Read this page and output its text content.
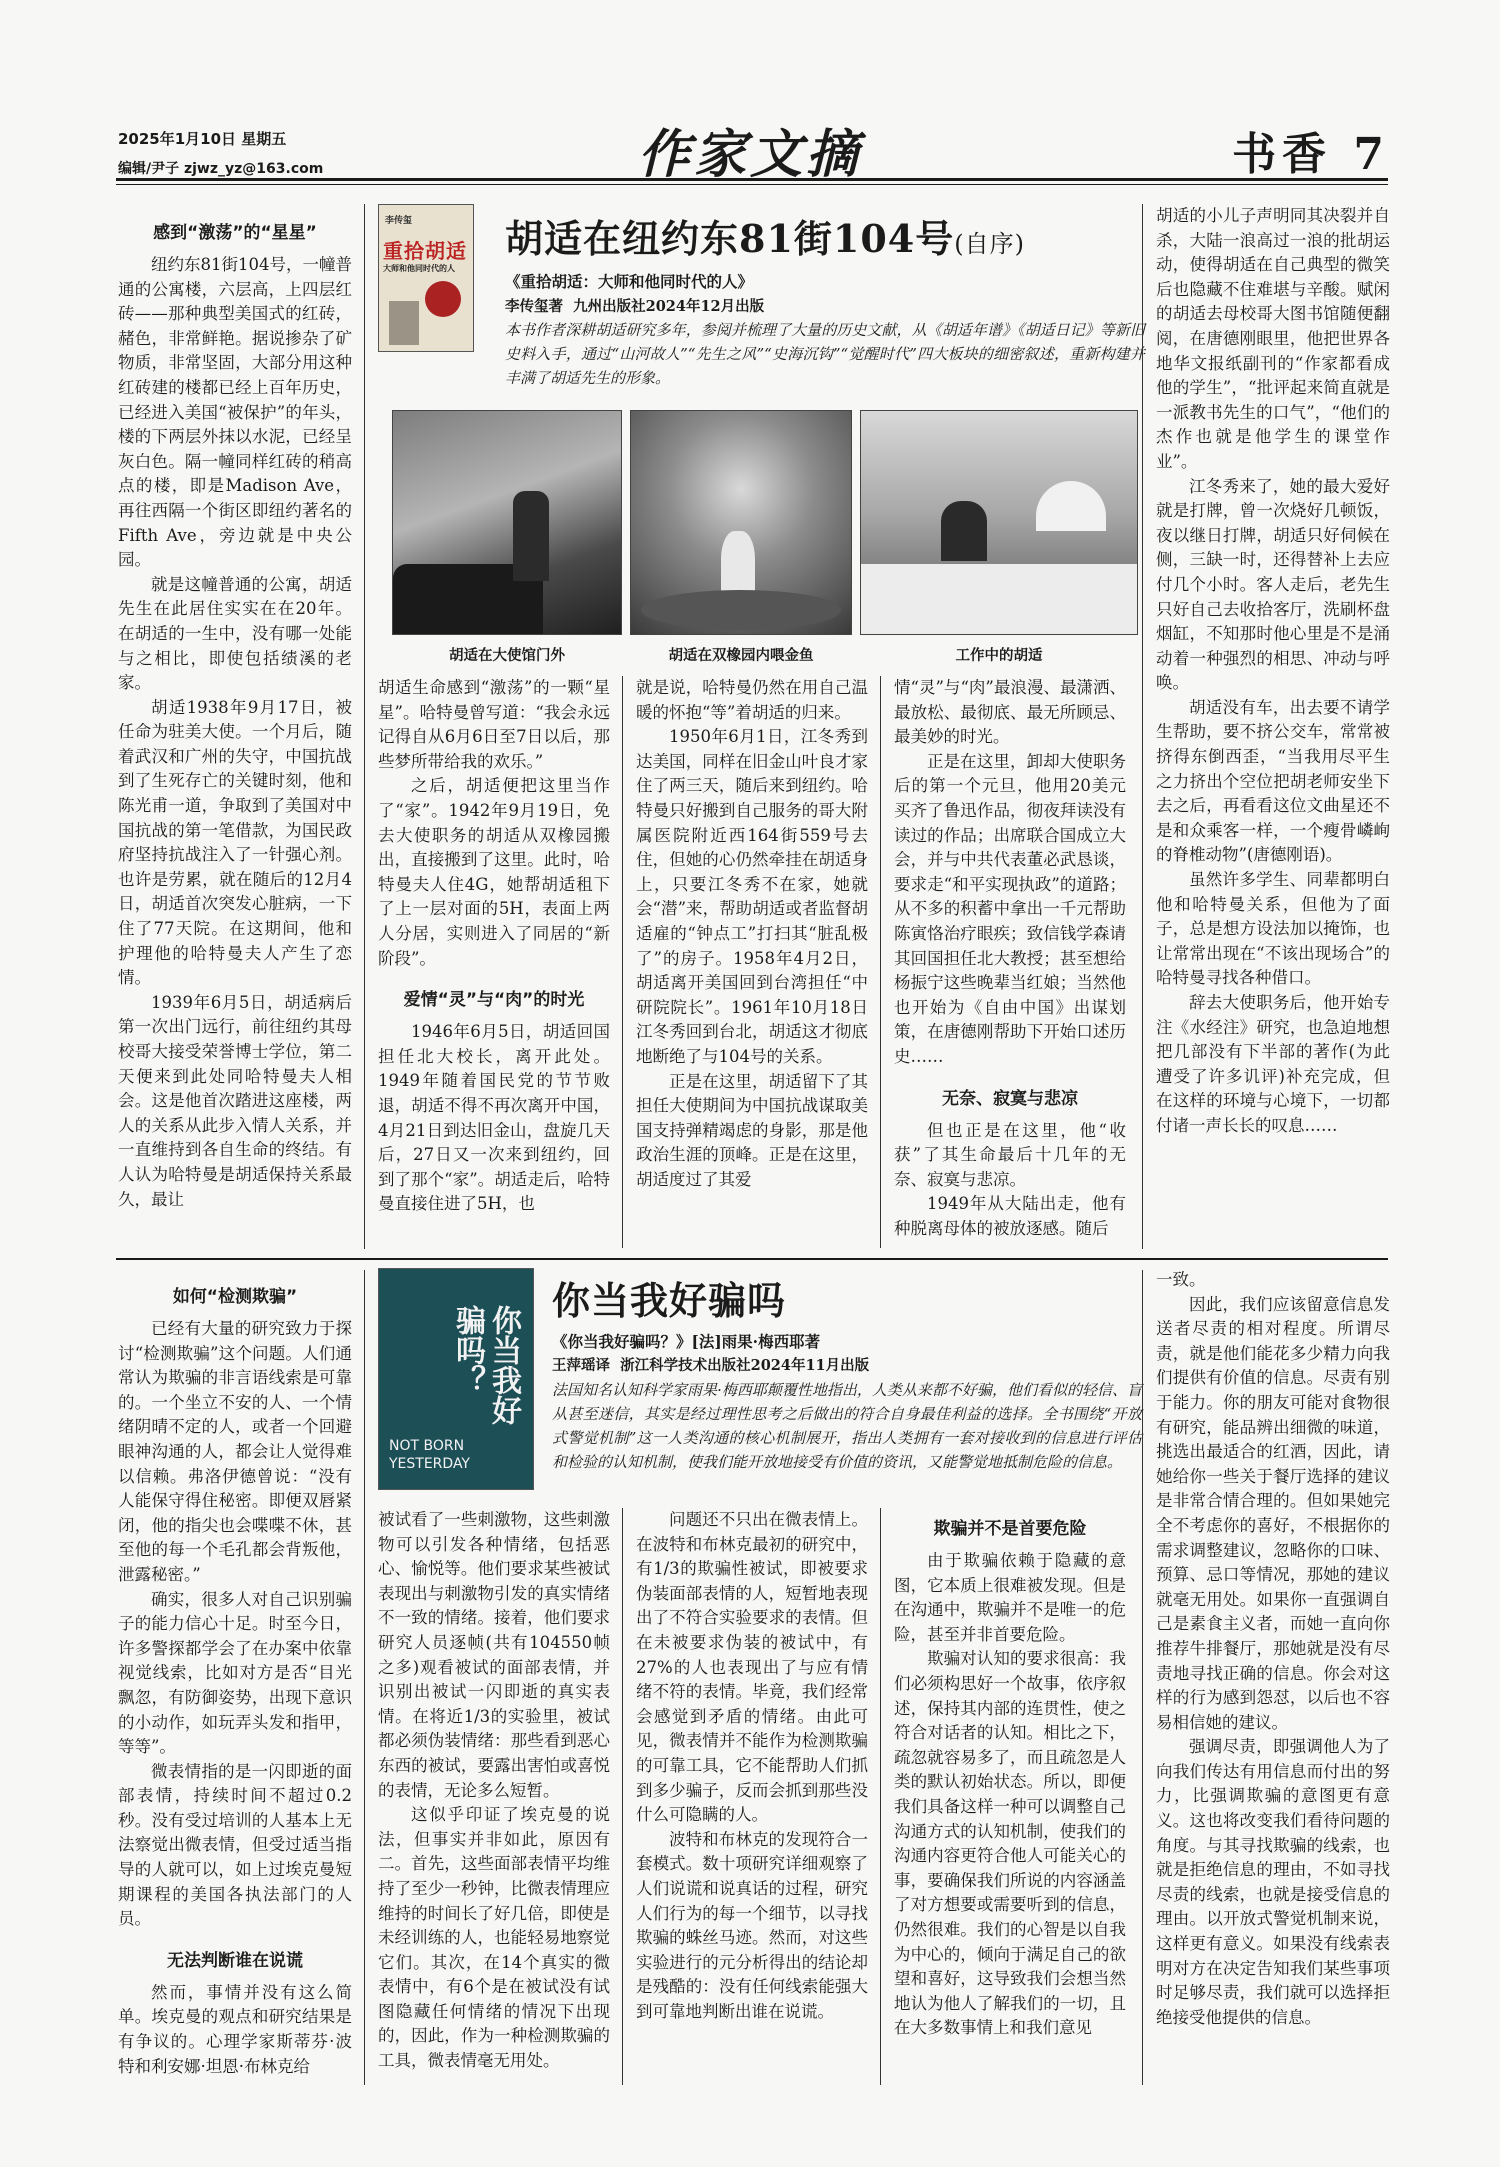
2025年1月10日 星期五
编辑/尹子 zjwz_yz@163.com	作家文摘	书香 7
感到“激荡”的“星星”

纽约东81街104号，一幢普通的公寓楼，六层高，上四层红砖——那种典型美国式的红砖，赭色，非常鲜艳。据说掺杂了矿物质，非常坚固，大部分用这种红砖建的楼都已经上百年历史，已经进入美国“被保护”的年头，楼的下两层外抹以水泥，已经呈灰白色。隔一幢同样红砖的稍高点的楼，即是Madison Ave，再往西隔一个街区即纽约著名的Fifth Ave，旁边就是中央公园。

就是这幢普通的公寓，胡适先生在此居住实实在在20年。在胡适的一生中，没有哪一处能与之相比，即使包括绩溪的老家。

胡适1938年9月17日，被任命为驻美大使。一个月后，随着武汉和广州的失守，中国抗战到了生死存亡的关键时刻，他和陈光甫一道，争取到了美国对中国抗战的第一笔借款，为国民政府坚持抗战注入了一针强心剂。也许是劳累，就在随后的12月4日，胡适首次突发心脏病，一下住了77天院。在这期间，他和护理他的哈特曼夫人产生了恋情。

1939年6月5日，胡适病后第一次出门远行，前往纽约其母校哥大接受荣誉博士学位，第二天便来到此处同哈特曼夫人相会。这是他首次踏进这座楼，两人的关系从此步入情人关系，并一直维持到各自生命的终结。有人认为哈特曼是胡适保持关系最久，最让

李传玺
重拾胡适
大师和他同时代的人
胡适在纽约东81街104号(自序)
《重拾胡适：大师和他同时代的人》
李传玺著 九州出版社2024年12月出版
本书作者深耕胡适研究多年，参阅并梳理了大量的历史文献，从《胡适年谱》《胡适日记》等新旧史料入手，通过“山河故人”“先生之风”“史海沉钩”“觉醒时代”四大板块的细密叙述，重新构建并丰满了胡适先生的形象。
胡适在大使馆门外	胡适在双橡园内喂金鱼	工作中的胡适

胡适生命感到“激荡”的一颗“星星”。哈特曼曾写道：“我会永远记得自从6月6日至7日以后，那些梦所带给我的欢乐。”

之后，胡适便把这里当作了“家”。1942年9月19日，免去大使职务的胡适从双橡园搬出，直接搬到了这里。此时，哈特曼夫人住4G，她帮胡适租下了上一层对面的5H，表面上两人分居，实则进入了同居的“新阶段”。

爱情“灵”与“肉”的时光

1946年6月5日，胡适回国担任北大校长，离开此处。1949年随着国民党的节节败退，胡适不得不再次离开中国，4月21日到达旧金山，盘旋几天后，27日又一次来到纽约，回到了那个“家”。胡适走后，哈特曼直接住进了5H，也

就是说，哈特曼仍然在用自己温暖的怀抱“等”着胡适的归来。

1950年6月1日，江冬秀到达美国，同样在旧金山叶良才家住了两三天，随后来到纽约。哈特曼只好搬到自己服务的哥大附属医院附近西164街559号去住，但她的心仍然牵挂在胡适身上，只要江冬秀不在家，她就会“潜”来，帮助胡适或者监督胡适雇的“钟点工”打扫其“脏乱极了”的房子。1958年4月2日，胡适离开美国回到台湾担任“中研院院长”。1961年10月18日江冬秀回到台北，胡适这才彻底地断绝了与104号的关系。

正是在这里，胡适留下了其担任大使期间为中国抗战谋取美国支持弹精竭虑的身影，那是他政治生涯的顶峰。正是在这里，胡适度过了其爱

情“灵”与“肉”最浪漫、最潇洒、最放松、最彻底、最无所顾忌、最美妙的时光。

正是在这里，卸却大使职务后的第一个元旦，他用20美元买齐了鲁迅作品，彻夜拜读没有读过的作品；出席联合国成立大会，并与中共代表董必武恳谈，要求走“和平实现执政”的道路；从不多的积蓄中拿出一千元帮助陈寅恪治疗眼疾；致信钱学森请其回国担任北大教授；甚至想给杨振宁这些晚辈当红娘；当然他也开始为《自由中国》出谋划策，在唐德刚帮助下开始口述历史……

无奈、寂寞与悲凉

但也正是在这里，他“收获”了其生命最后十几年的无奈、寂寞与悲凉。

1949年从大陆出走，他有种脱离母体的被放逐感。随后

胡适的小儿子声明同其决裂并自杀，大陆一浪高过一浪的批胡运动，使得胡适在自己典型的微笑后也隐藏不住难堪与辛酸。赋闲的胡适去母校哥大图书馆随便翻阅，在唐德刚眼里，他把世界各地华文报纸副刊的“作家都看成他的学生”，“批评起来简直就是一派教书先生的口气”，“他们的杰作也就是他学生的课堂作业”。

江冬秀来了，她的最大爱好就是打牌，曾一次烧好几顿饭，夜以继日打牌，胡适只好伺候在侧，三缺一时，还得替补上去应付几个小时。客人走后，老先生只好自己去收拾客厅，洗刷杯盘烟缸，不知那时他心里是不是涌动着一种强烈的相思、冲动与呼唤。

胡适没有车，出去要不请学生帮助，要不挤公交车，常常被挤得东倒西歪，“当我用尽平生之力挤出个空位把胡老师安坐下去之后，再看看这位文曲星还不是和众乘客一样，一个瘦骨嶙峋的脊椎动物”(唐德刚语)。

虽然许多学生、同辈都明白他和哈特曼关系，但他为了面子，总是想方设法加以掩饰，也让常常出现在“不该出现场合”的哈特曼寻找各种借口。

辞去大使职务后，他开始专注《水经注》研究，也急迫地想把几部没有下半部的著作(为此遭受了许多讥评)补充完成，但在这样的环境与心境下，一切都付诸一声长长的叹息……

如何“检测欺骗”

已经有大量的研究致力于探讨“检测欺骗”这个问题。人们通常认为欺骗的非言语线索是可靠的。一个坐立不安的人、一个情绪阴晴不定的人，或者一个回避眼神沟通的人，都会让人觉得难以信赖。弗洛伊德曾说：“没有人能保守得住秘密。即便双唇紧闭，他的指尖也会喋喋不休，甚至他的每一个毛孔都会背叛他，泄露秘密。”

确实，很多人对自己识别骗子的能力信心十足。时至今日，许多警探都学会了在办案中依靠视觉线索，比如对方是否“目光飘忽，有防御姿势，出现下意识的小动作，如玩弄头发和指甲，等等”。

微表情指的是一闪即逝的面部表情，持续时间不超过0.2秒。没有受过培训的人基本上无法察觉出微表情，但受过适当指导的人就可以，如上过埃克曼短期课程的美国各执法部门的人员。

无法判断谁在说谎

然而，事情并没有这么简单。埃克曼的观点和研究结果是有争议的。心理学家斯蒂芬·波特和利安娜·坦恩·布林克给

你当我好骗吗？
NOT BORN YESTERDAY
你当我好骗吗
《你当我好骗吗？》[法]雨果·梅西耶著
王萍瑶译 浙江科学技术出版社2024年11月出版
法国知名认知科学家雨果·梅西耶颠覆性地指出，人类从来都不好骗，他们看似的轻信、盲从甚至迷信，其实是经过理性思考之后做出的符合自身最佳利益的选择。全书围绕“开放式警觉机制”这一人类沟通的核心机制展开，指出人类拥有一套对接收到的信息进行评估和检验的认知机制，使我们能开放地接受有价值的资讯，又能警觉地抵制危险的信息。

被试看了一些刺激物，这些刺激物可以引发各种情绪，包括恶心、愉悦等。他们要求某些被试表现出与刺激物引发的真实情绪不一致的情绪。接着，他们要求研究人员逐帧(共有104550帧之多)观看被试的面部表情，并识别出被试一闪即逝的真实表情。在将近1/3的实验里，被试都必须伪装情绪：那些看到恶心东西的被试，要露出害怕或喜悦的表情，无论多么短暂。

这似乎印证了埃克曼的说法，但事实并非如此，原因有二。首先，这些面部表情平均维持了至少一秒钟，比微表情理应维持的时间长了好几倍，即使是未经训练的人，也能轻易地察觉它们。其次，在14个真实的微表情中，有6个是在被试没有试图隐藏任何情绪的情况下出现的，因此，作为一种检测欺骗的工具，微表情毫无用处。

问题还不只出在微表情上。在波特和布林克最初的研究中，有1/3的欺骗性被试，即被要求伪装面部表情的人，短暂地表现出了不符合实验要求的表情。但在未被要求伪装的被试中，有27%的人也表现出了与应有情绪不符的表情。毕竟，我们经常会感觉到矛盾的情绪。由此可见，微表情并不能作为检测欺骗的可靠工具，它不能帮助人们抓到多少骗子，反而会抓到那些没什么可隐瞒的人。

波特和布林克的发现符合一套模式。数十项研究详细观察了人们说谎和说真话的过程，研究人们行为的每一个细节，以寻找欺骗的蛛丝马迹。然而，对这些实验进行的元分析得出的结论却是残酷的：没有任何线索能强大到可靠地判断出谁在说谎。

欺骗并不是首要危险

由于欺骗依赖于隐藏的意图，它本质上很难被发现。但是在沟通中，欺骗并不是唯一的危险，甚至并非首要危险。

欺骗对认知的要求很高：我们必须构思好一个故事，依序叙述，保持其内部的连贯性，使之符合对话者的认知。相比之下，疏忽就容易多了，而且疏忽是人类的默认初始状态。所以，即便我们具备这样一种可以调整自己沟通方式的认知机制，使我们的沟通内容更符合他人可能关心的事，要确保我们所说的内容涵盖了对方想要或需要听到的信息，仍然很难。我们的心智是以自我为中心的，倾向于满足自己的欲望和喜好，这导致我们会想当然地认为他人了解我们的一切，且在大多数事情上和我们意见

一致。

因此，我们应该留意信息发送者尽责的相对程度。所谓尽责，就是他们能花多少精力向我们提供有价值的信息。尽责有别于能力。你的朋友可能对食物很有研究，能品辨出细微的味道，挑选出最适合的红酒，因此，请她给你一些关于餐厅选择的建议是非常合情合理的。但如果她完全不考虑你的喜好，不根据你的需求调整建议，忽略你的口味、预算、忌口等情况，那她的建议就毫无用处。如果你一直强调自己是素食主义者，而她一直向你推荐牛排餐厅，那她就是没有尽责地寻找正确的信息。你会对这样的行为感到怨怼，以后也不容易相信她的建议。

强调尽责，即强调他人为了向我们传达有用信息而付出的努力，比强调欺骗的意图更有意义。这也将改变我们看待问题的角度。与其寻找欺骗的线索，也就是拒绝信息的理由，不如寻找尽责的线索，也就是接受信息的理由。以开放式警觉机制来说，这样更有意义。如果没有线索表明对方在决定告知我们某些事项时足够尽责，我们就可以选择拒绝接受他提供的信息。
